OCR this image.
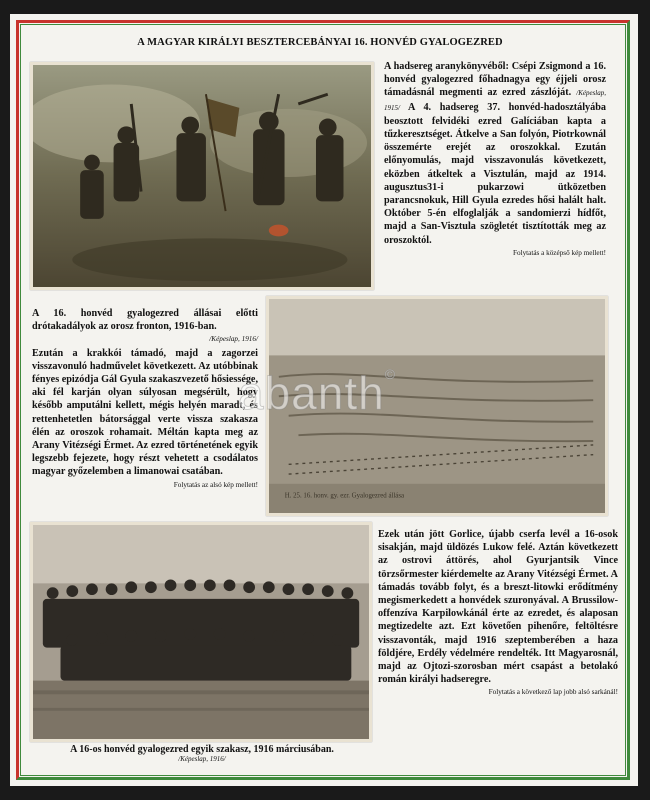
A MAGYAR KIRÁLYI BESZTERCEBÁNYAI 16. HONVÉD GYALOGEZRED
A hadsereg aranykönyvéből: Csépi Zsigmond a 16. honvéd gyalogezred főhadnagya egy éjjeli orosz támadásnál megmenti az ezred zászlóját. /Képeslap, 1915/ A 4. hadsereg 37. honvéd-hadosztályába beosztott felvidéki ezred Galíciában kapta a tűzkeresztséget. Átkelve a San folyón, Piotrkownál összemérte erejét az oroszokkal. Ezután előnyomulás, majd visszavonulás következett, eközben átkeltek a Visztulán, majd az 1914. augusztus31-i pukarzowi ütközetben parancsnokuk, Hill Gyula ezredes hősi halált halt. Október 5-én elfoglalják a sandomierzi hídfőt, majd a San-Visztula szögletét tisztították meg az oroszoktól.
Folytatás a középső kép mellett!
A 16. honvéd gyalogezred állásai előtti drótakadályok az orosz fronton, 1916-ban.
/Képeslap, 1916/
Ezután a krakkói támadó, majd a zagorzei visszavonuló hadművelet következett. Az utóbbinak fényes epizódja Gál Gyula szakaszvezető hősiessége, aki fél karján olyan súlyosan megsérült, hogy később amputálni kellett, mégis helyén maradt, és rettenhetetlen bátorsággal verte vissza szakasza élén az oroszok rohamait. Méltán kapta meg az Arany Vitézségi Érmet. Az ezred történetének egyik legszebb fejezete, hogy részt vehetett a csodálatos magyar győzelemben a limanowai csatában.
Folytatás az alsó kép mellett!
H. 25. 16. honv. gy. ezr. Gyalogezred állása
Ezek után jött Gorlice, újabb cserfa levél a 16-osok sisakján, majd üldözés Lukow felé. Aztán következett az ostrovi áttörés, ahol Gyurjantsik Vince törzsőrmester kiérdemelte az Arany Vitézségi Érmet. A támadás tovább folyt, és a breszt-litowki erődítmény megismerkedett a honvédek szuronyával. A Brussilow-offenzíva Karpilowkánál érte az ezredet, és alaposan megtizedelte azt. Ezt követően pihenőre, feltöltésre visszavonták, majd 1916 szeptemberében a haza földjére, Erdély védelmére rendelték. Itt Magyarosnál, majd az Ojtozi-szorosban mért csapást a betolakó román királyi hadseregre.
Folytatás a következő lap jobb alsó sarkánál!
A 16-os honvéd gyalogezred egyik szakasz, 1916 márciusában.
/Képeslap, 1916/
abanth©
